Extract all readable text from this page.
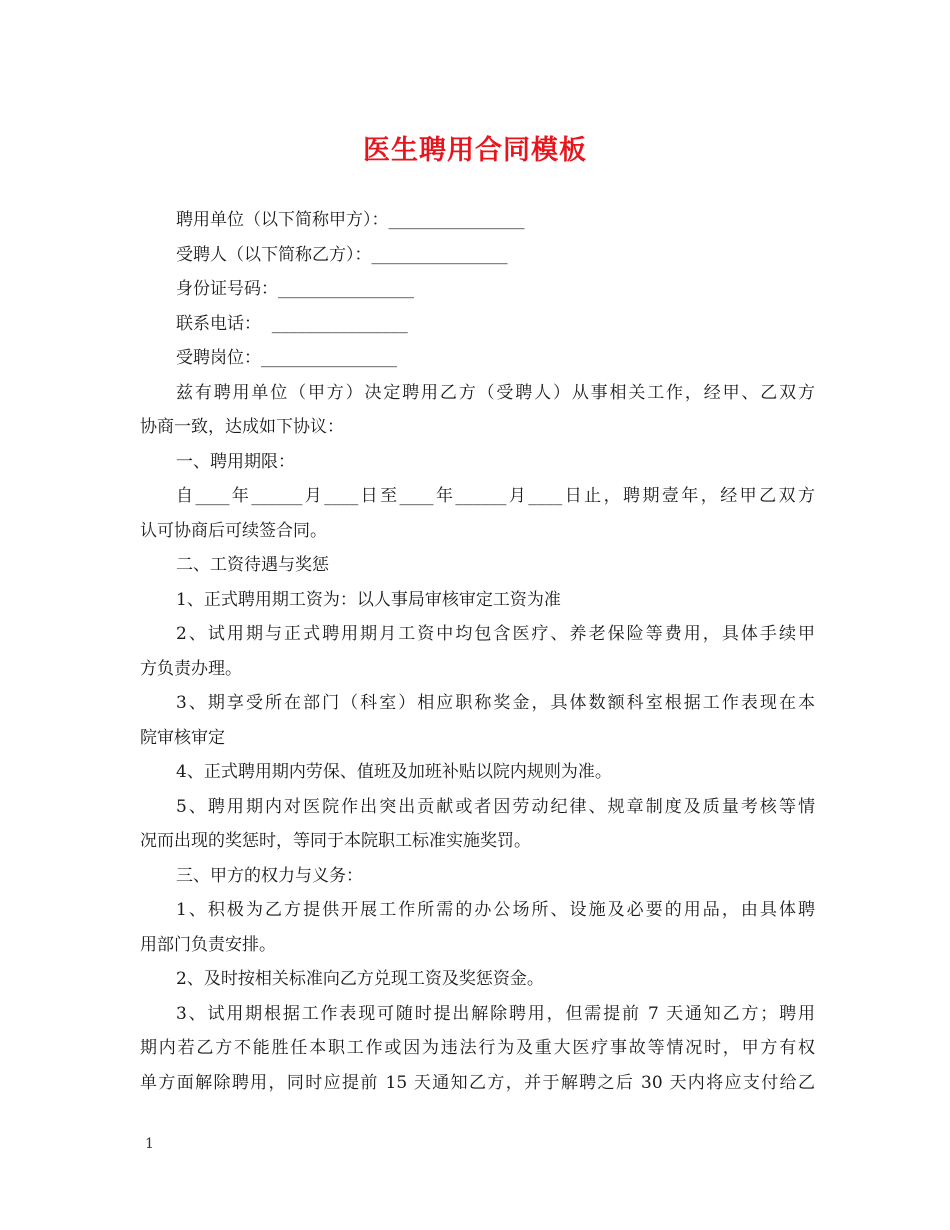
医生聘用合同模板
聘用单位（以下简称甲方）：________________
受聘人（以下简称乙方）：________________
身份证号码：________________
联系电话：  ________________
受聘岗位：________________
兹有聘用单位（甲方）决定聘用乙方（受聘人）从事相关工作，经甲、乙双方
协商一致，达成如下协议：
一、聘用期限：
自____年______月____日至____年______月____日止，聘期壹年，经甲乙双方
认可协商后可续签合同。
二、工资待遇与奖惩
1、正式聘用期工资为：以人事局审核审定工资为准
2、试用期与正式聘用期月工资中均包含医疗、养老保险等费用，具体手续甲
方负责办理。
3、期享受所在部门（科室）相应职称奖金，具体数额科室根据工作表现在本
院审核审定
4、正式聘用期内劳保、值班及加班补贴以院内规则为准。
5、聘用期内对医院作出突出贡献或者因劳动纪律、规章制度及质量考核等情
况而出现的奖惩时，等同于本院职工标准实施奖罚。
三、甲方的权力与义务：
1、积极为乙方提供开展工作所需的办公场所、设施及必要的用品，由具体聘
用部门负责安排。
2、及时按相关标准向乙方兑现工资及奖惩资金。
3、试用期根据工作表现可随时提出解除聘用，但需提前 7 天通知乙方；聘用
期内若乙方不能胜任本职工作或因为违法行为及重大医疗事故等情况时，甲方有权
单方面解除聘用，同时应提前 15 天通知乙方，并于解聘之后 30 天内将应支付给乙
1
